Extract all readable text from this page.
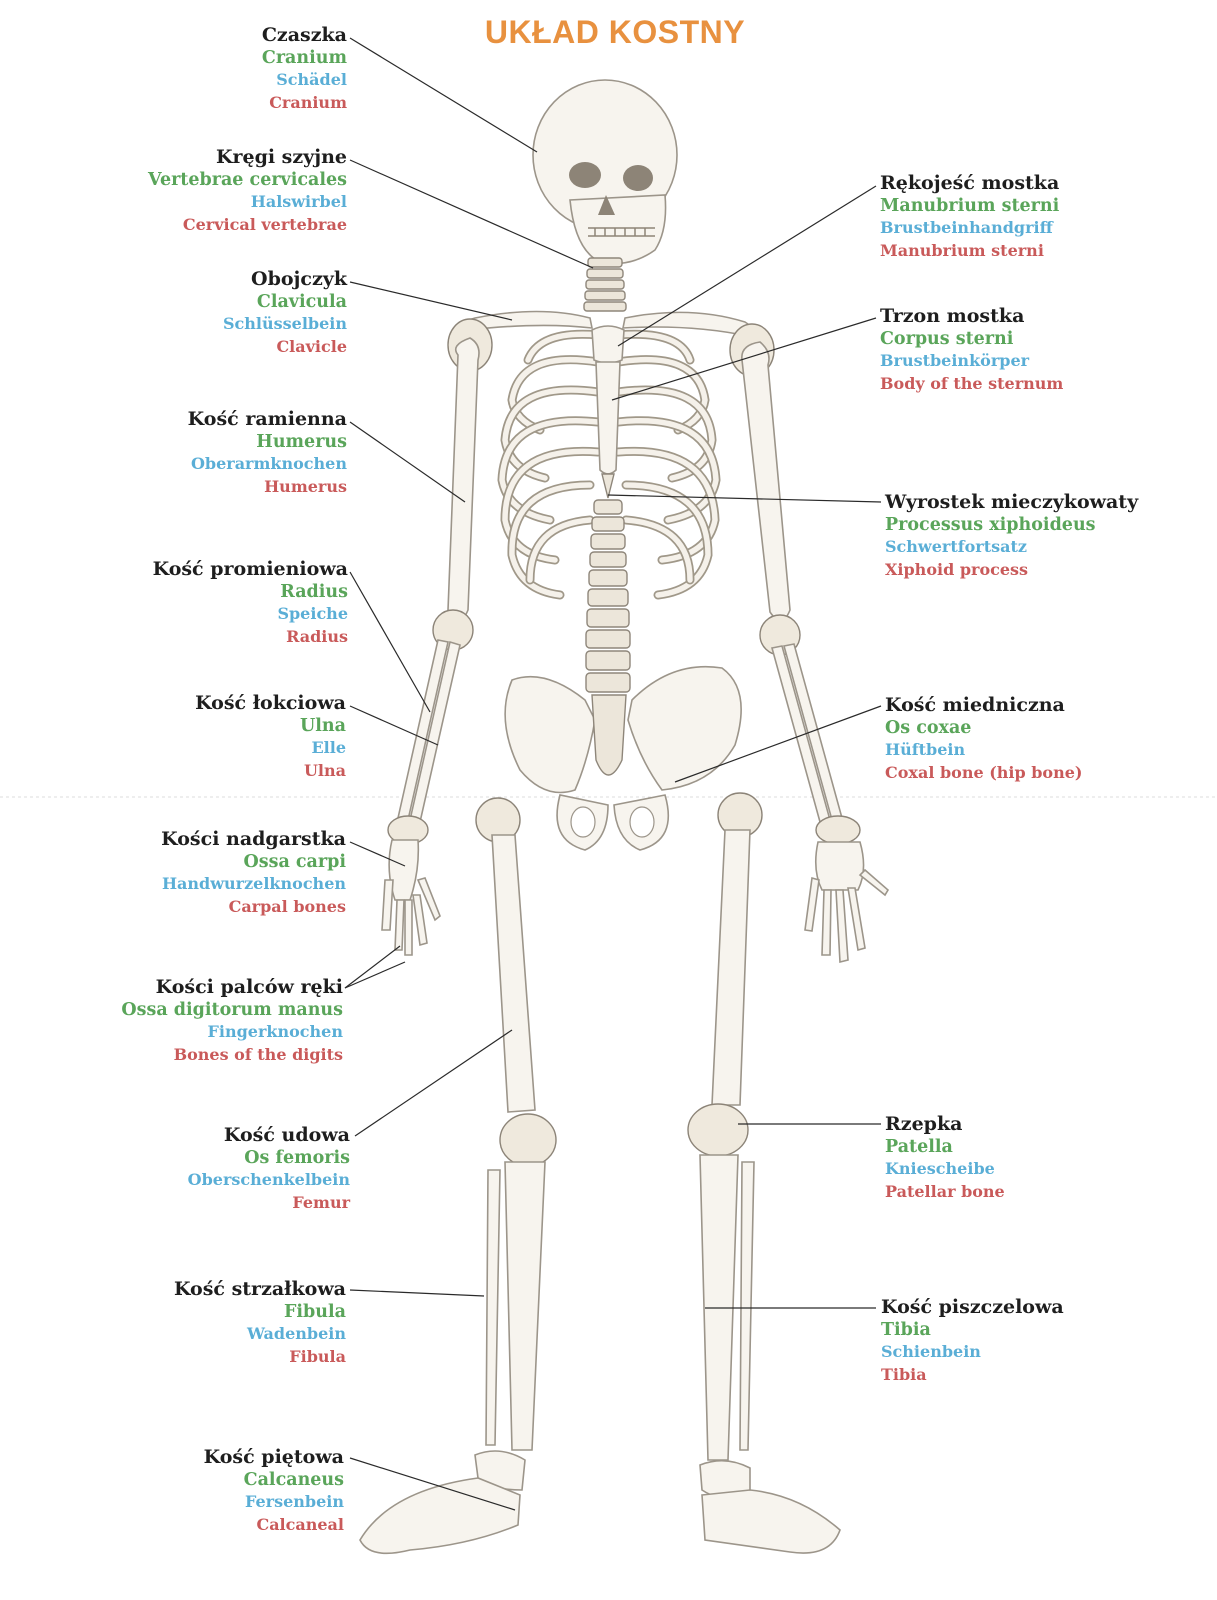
UKŁAD KOSTNY
Czaszka
Cranium
Schädel
Cranium
Kręgi szyjne
Vertebrae cervicales
Halswirbel
Cervical vertebrae
Obojczyk
Clavicula
Schlüsselbein
Clavicle
Kość ramienna
Humerus
Oberarmknochen
Humerus
Kość promieniowa
Radius
Speiche
Radius
Kość łokciowa
Ulna
Elle
Ulna
Kości nadgarstka
Ossa carpi
Handwurzelknochen
Carpal bones
Kości palców ręki
Ossa digitorum manus
Fingerknochen
Bones of the digits
Kość udowa
Os femoris
Oberschenkelbein
Femur
Kość strzałkowa
Fibula
Wadenbein
Fibula
Kość piętowa
Calcaneus
Fersenbein
Calcaneal
Rękojeść mostka
Manubrium sterni
Brustbeinhandgriff
Manubrium sterni
Trzon mostka
Corpus sterni
Brustbeinkörper
Body of the sternum
Wyrostek mieczykowaty
Processus xiphoideus
Schwertfortsatz
Xiphoid process
Kość miedniczna
Os coxae
Hüftbein
Coxal bone (hip bone)
Rzepka
Patella
Kniescheibe
Patellar bone
Kość piszczelowa
Tibia
Schienbein
Tibia
